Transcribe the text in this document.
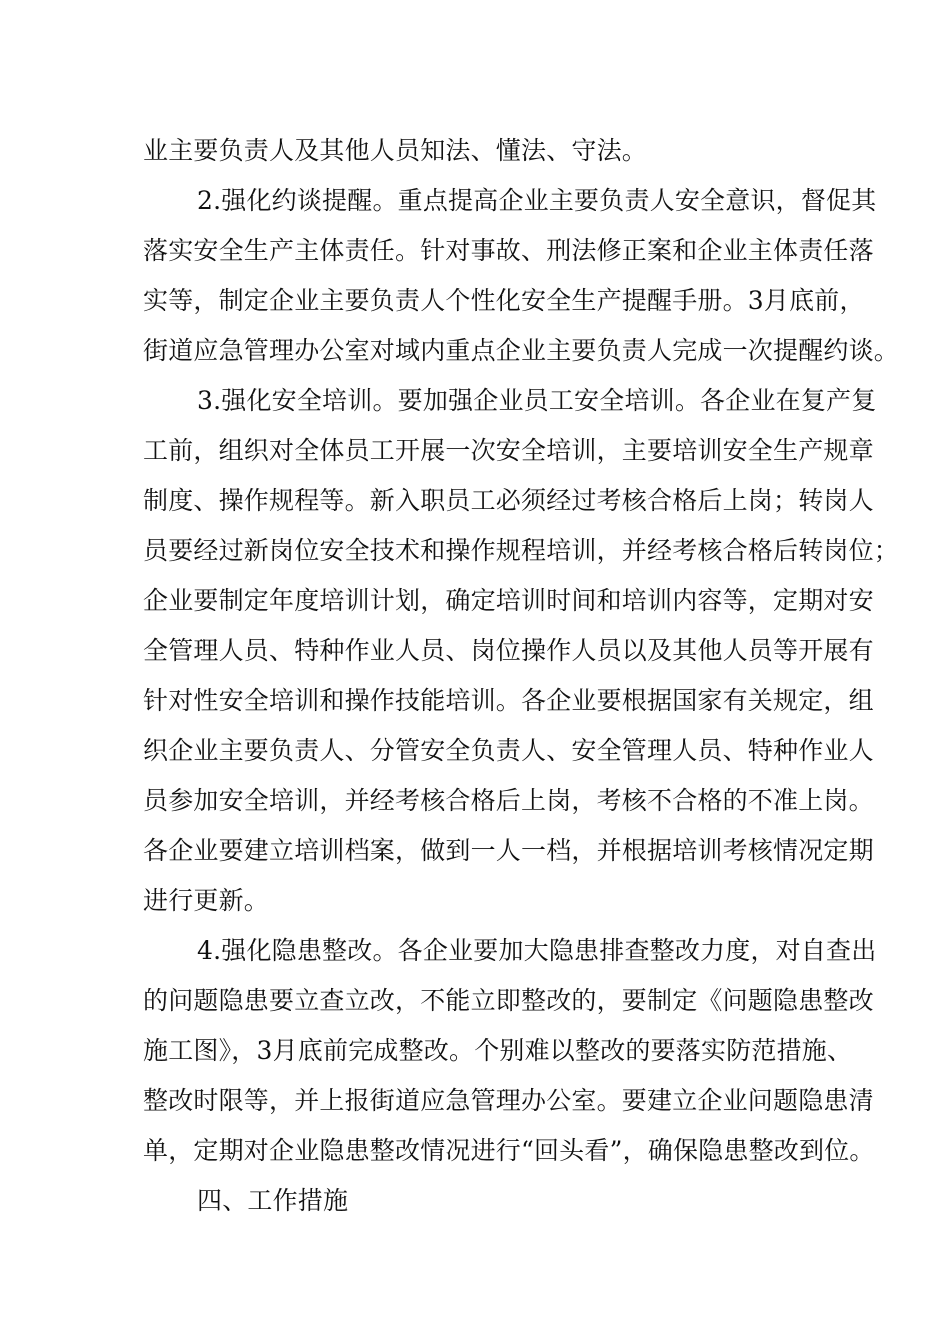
业主要负责人及其他人员知法、懂法、守法。
2.强化约谈提醒。重点提高企业主要负责人安全意识，督促其
落实安全生产主体责任。针对事故、刑法修正案和企业主体责任落
实等，制定企业主要负责人个性化安全生产提醒手册。3月底前，
街道应急管理办公室对域内重点企业主要负责人完成一次提醒约谈。
3.强化安全培训。要加强企业员工安全培训。各企业在复产复
工前，组织对全体员工开展一次安全培训，主要培训安全生产规章
制度、操作规程等。新入职员工必须经过考核合格后上岗；转岗人
员要经过新岗位安全技术和操作规程培训，并经考核合格后转岗位；
企业要制定年度培训计划，确定培训时间和培训内容等，定期对安
全管理人员、特种作业人员、岗位操作人员以及其他人员等开展有
针对性安全培训和操作技能培训。各企业要根据国家有关规定，组
织企业主要负责人、分管安全负责人、安全管理人员、特种作业人
员参加安全培训，并经考核合格后上岗，考核不合格的不准上岗。
各企业要建立培训档案，做到一人一档，并根据培训考核情况定期
进行更新。
4.强化隐患整改。各企业要加大隐患排查整改力度，对自查出
的问题隐患要立查立改，不能立即整改的，要制定《问题隐患整改
施工图》，3月底前完成整改。个别难以整改的要落实防范措施、
整改时限等，并上报街道应急管理办公室。要建立企业问题隐患清
单，定期对企业隐患整改情况进行“回头看”，确保隐患整改到位。
四、工作措施
